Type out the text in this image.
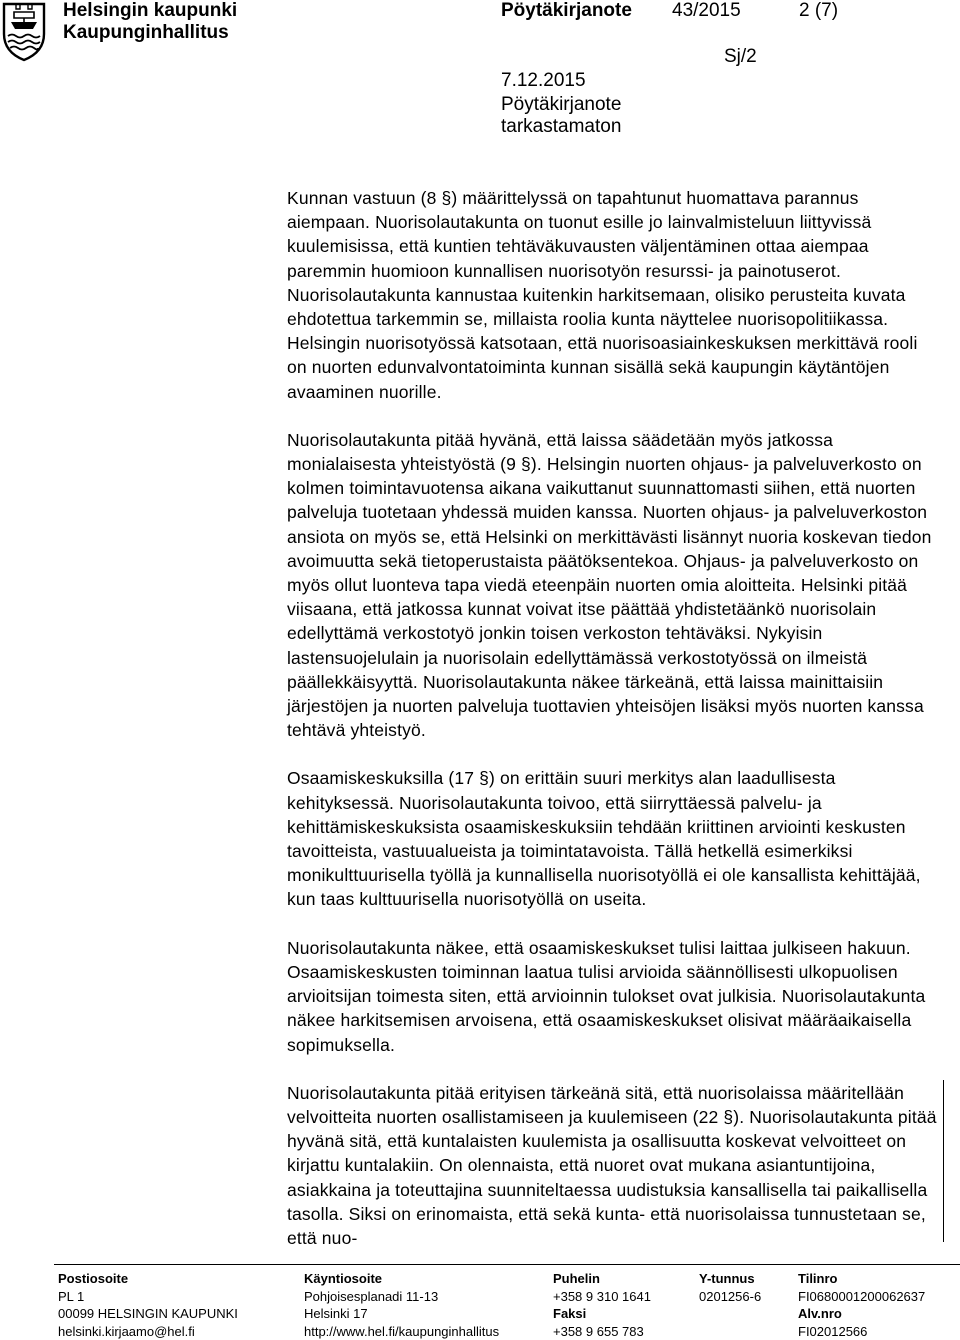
Helsingin kaupunki
Kaupunginhallitus
Pöytäkirjanote 43/2015	2 (7)
Sj/2
7.12.2015
Pöytäkirjanote tarkastamaton

Kunnan vastuun (8 §) määrittelyssä on tapahtunut huomattava parannus aiempaan. Nuorisolautakunta on tuonut esille jo lainvalmisteluun liittyvissä kuulemisissa, että kuntien tehtäväkuvausten väljentäminen ottaa aiempaa paremmin huomioon kunnallisen nuorisotyön resurssi- ja painotuserot. Nuorisolautakunta kannustaa kuitenkin harkitsemaan, olisiko perusteita kuvata ehdotettua tarkemmin se, millaista roolia kunta näyttelee nuorisopolitiikassa. Helsingin nuorisotyössä katsotaan, että nuorisoasiainkeskuksen merkittävä rooli on nuorten edunvalvontatoiminta kunnan sisällä sekä kaupungin käytäntöjen avaaminen nuorille.

Nuorisolautakunta pitää hyvänä, että laissa säädetään myös jatkossa monialaisesta yhteistyöstä (9 §). Helsingin nuorten ohjaus- ja palveluverkosto on kolmen toimintavuotensa aikana vaikuttanut suunnattomasti siihen, että nuorten palveluja tuotetaan yhdessä muiden kanssa. Nuorten ohjaus- ja palveluverkoston ansiota on myös se, että Helsinki on merkittävästi lisännyt nuoria koskevan tiedon avoimuutta sekä tietoperustaista päätöksentekoa. Ohjaus- ja palveluverkosto on myös ollut luonteva tapa viedä eteenpäin nuorten omia aloitteita. Helsinki pitää viisaana, että jatkossa kunnat voivat itse päättää yhdistetäänkö nuorisolain edellyttämä verkostotyö jonkin toisen verkoston tehtäväksi. Nykyisin lastensuojelulain ja nuorisolain edellyttämässä verkostotyössä on ilmeistä päällekkäisyyttä. Nuorisolautakunta näkee tärkeänä, että laissa mainittaisiin järjestöjen ja nuorten palveluja tuottavien yhteisöjen lisäksi myös nuorten kanssa tehtävä yhteistyö.

Osaamiskeskuksilla (17 §) on erittäin suuri merkitys alan laadullisesta kehityksessä. Nuorisolautakunta toivoo, että siirryttäessä palvelu- ja kehittämiskeskuksista osaamiskeskuksiin tehdään kriittinen arviointi keskusten tavoitteista, vastuualueista ja toimintatavoista. Tällä hetkellä esimerkiksi monikulttuurisella työllä ja kunnallisella nuorisotyöllä ei ole kansallista kehittäjää, kun taas kulttuurisella nuorisotyöllä on useita.

Nuorisolautakunta näkee, että osaamiskeskukset tulisi laittaa julkiseen hakuun. Osaamiskeskusten toiminnan laatua tulisi arvioida säännöllisesti ulkopuolisen arvioitsijan toimesta siten, että arvioinnin tulokset ovat julkisia. Nuorisolautakunta näkee harkitsemisen arvoisena, että osaamiskeskukset olisivat määräaikaisella sopimuksella.

Nuorisolautakunta pitää erityisen tärkeänä sitä, että nuorisolaissa määritellään velvoitteita nuorten osallistamiseen ja kuulemiseen (22 §). Nuorisolautakunta pitää hyvänä sitä, että kuntalaisten kuulemista ja osallisuutta koskevat velvoitteet on kirjattu kuntalakiin. On olennaista, että nuoret ovat mukana asiantuntijoina, asiakkaina ja toteuttajina suunniteltaessa uudistuksia kansallisella tai paikallisella tasolla. Siksi on erinomaista, että sekä kunta- että nuorisolaissa tunnustetaan se, että nuo-

Postiosoite
PL 1
00099 HELSINGIN KAUPUNKI
helsinki.kirjaamo@hel.fi
Käyntiosoite
Pohjoisesplanadi 11-13
Helsinki 17
http://www.hel.fi/kaupunginhallitus
Puhelin
+358 9 310 1641
Faksi
+358 9 655 783
Y-tunnus
0201256-6
Tilinro
FI0680001200062637
Alv.nro
FI02012566
